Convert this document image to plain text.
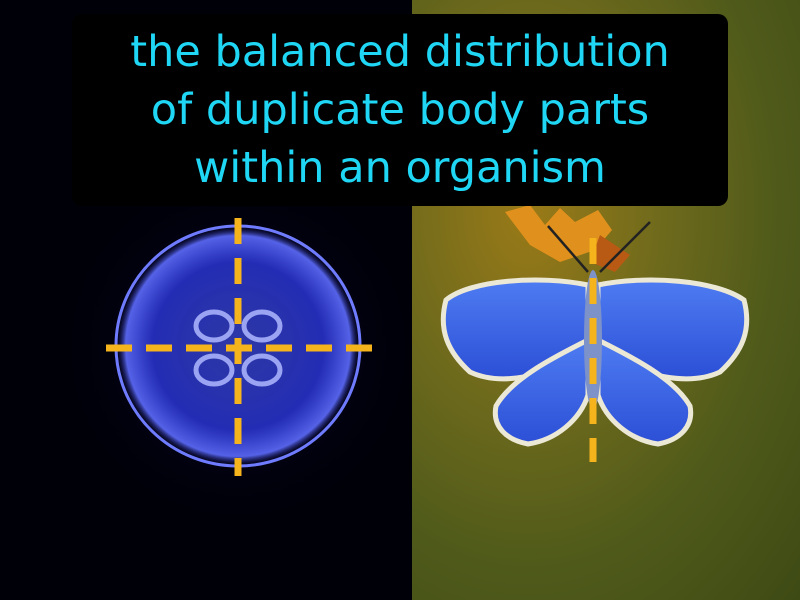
the balanced distribution
of duplicate body parts
within an organism
